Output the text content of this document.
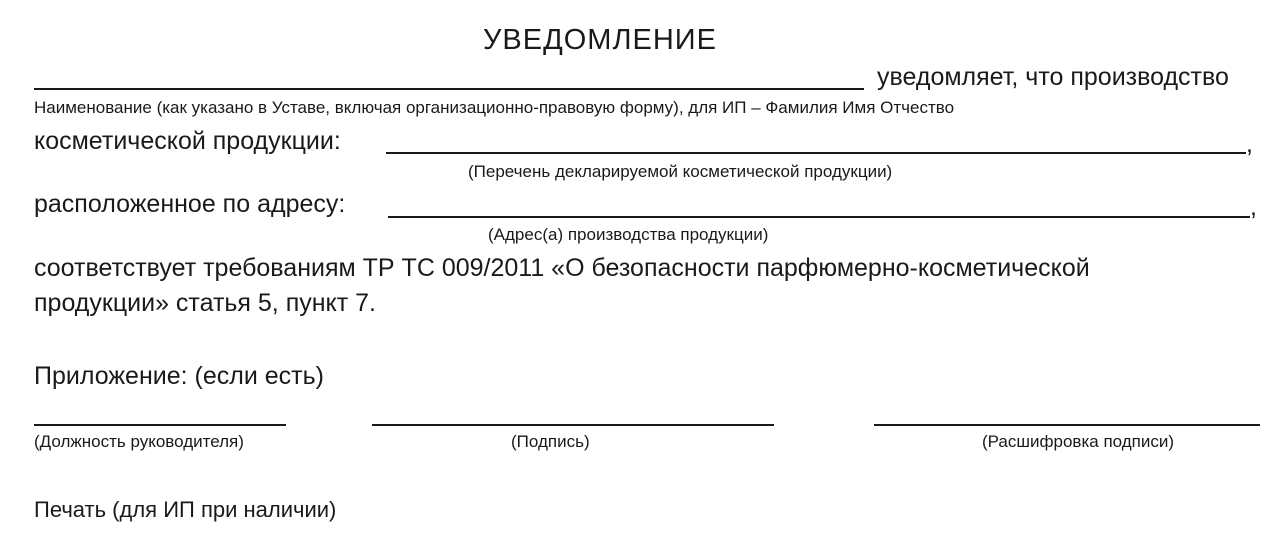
УВЕДОМЛЕНИЕ
уведомляет, что производство
Наименование (как указано в Уставе, включая организационно-правовую форму), для ИП – Фамилия Имя Отчество
косметической продукции:	,
(Перечень декларируемой косметической продукции)
расположенное по адресу:	,
(Адрес(а) производства продукции)
соответствует требованиям ТР ТС 009/2011 «О безопасности парфюмерно-косметической
продукции» статья 5, пункт 7.
Приложение: (если есть)
(Должность руководителя)	(Подпись)	(Расшифровка подписи)
Печать (для ИП при наличии)
